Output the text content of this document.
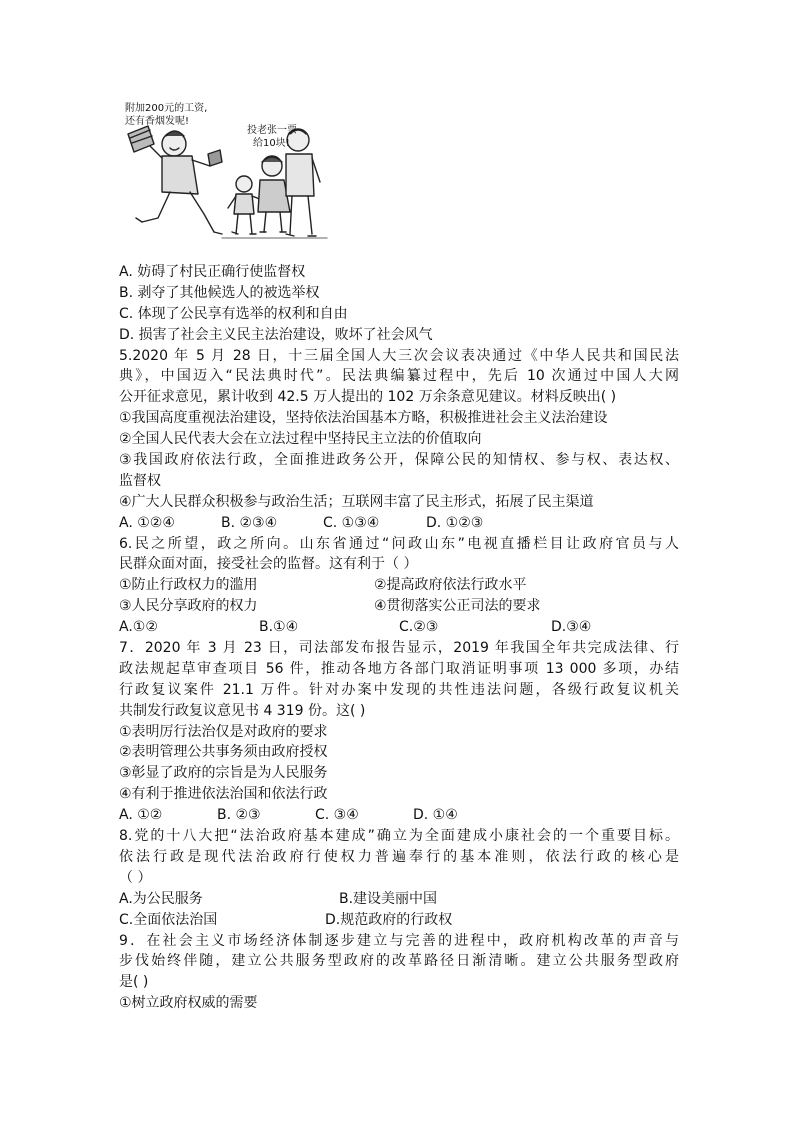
附加200元的工资,
还有香烟发呢!
投老张一票
给10块!
A. 妨碍了村民正确行使监督权
B. 剥夺了其他候选人的被选举权
C. 体现了公民享有选举的权利和自由
D. 损害了社会主义民主法治建设，败坏了社会风气
5.2020 年 5 月 28 日，十三届全国人大三次会议表决通过《中华人民共和国民法
典》，中国迈入“民法典时代”。民法典编纂过程中，先后 10 次通过中国人大网
公开征求意见，累计收到 42.5 万人提出的 102 万余条意见建议。材料反映出( )
①我国高度重视法治建设，坚持依法治国基本方略，积极推进社会主义法治建设
②全国人民代表大会在立法过程中坚持民主立法的价值取向
③我国政府依法行政，全面推进政务公开，保障公民的知情权、参与权、表达权、
监督权
④广大人民群众积极参与政治生活；互联网丰富了民主形式，拓展了民主渠道
A. ①②④	B. ②③④	C. ①③④	D. ①②③
6.民之所望，政之所向。山东省通过“问政山东”电视直播栏目让政府官员与人
民群众面对面，接受社会的监督。这有利于（ ）
①防止行政权力的滥用	②提高政府依法行政水平
③人民分享政府的权力	④贯彻落实公正司法的要求
A.①②	B.①④	C.②③	D.③④
7．2020 年 3 月 23 日，司法部发布报告显示，2019 年我国全年共完成法律、行
政法规起草审查项目 56 件，推动各地方各部门取消证明事项 13 000 多项，办结
行政复议案件 21.1 万件。针对办案中发现的共性违法问题，各级行政复议机关
共制发行政复议意见书 4 319 份。这( )
①表明厉行法治仅是对政府的要求
②表明管理公共事务须由政府授权
③彰显了政府的宗旨是为人民服务
④有利于推进依法治国和依法行政
A. ①②	B. ②③	C. ③④	D. ①④
8.党的十八大把“法治政府基本建成”确立为全面建成小康社会的一个重要目标。
依法行政是现代法治政府行使权力普遍奉行的基本准则，依法行政的核心是
（ ）
A.为公民服务	B.建设美丽中国
C.全面依法治国	D.规范政府的行政权
9．在社会主义市场经济体制逐步建立与完善的进程中，政府机构改革的声音与
步伐始终伴随，建立公共服务型政府的改革路径日渐清晰。建立公共服务型政府
是( )
①树立政府权威的需要
